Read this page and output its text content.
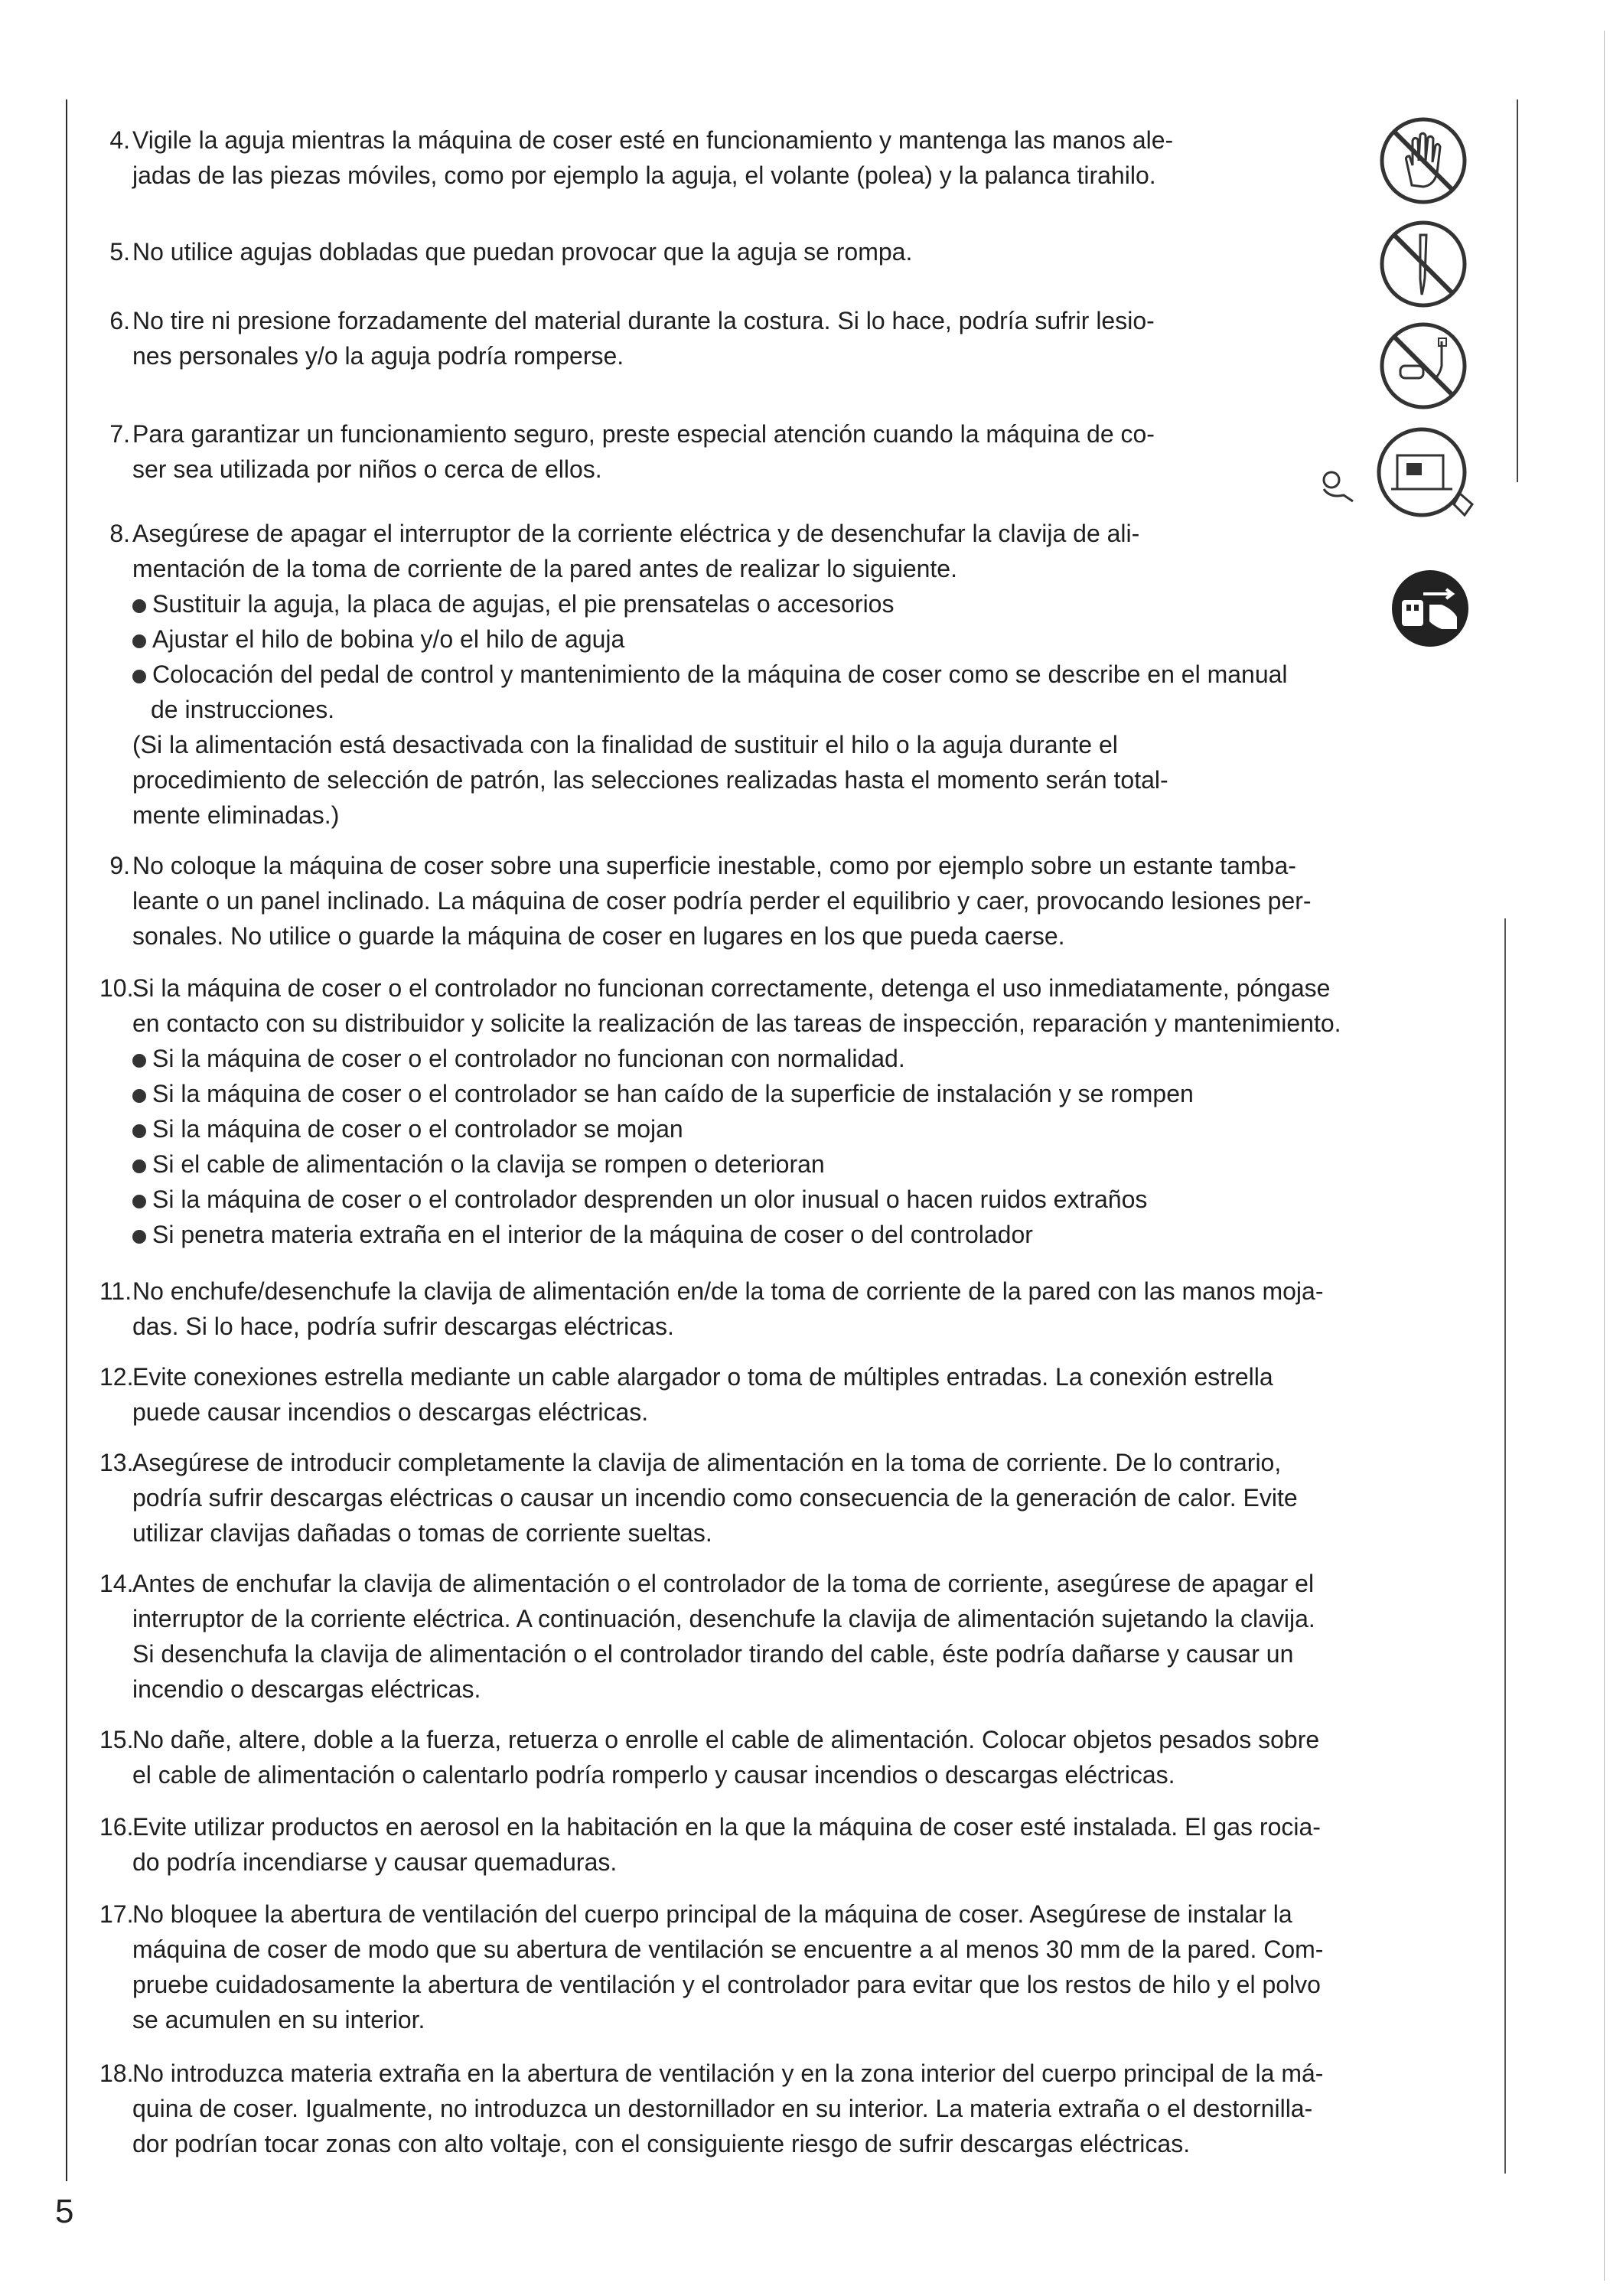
4. Vigile la aguja mientras la máquina de coser esté en funcionamiento y mantenga las manos ale-
jadas de las piezas móviles, como por ejemplo la aguja, el volante (polea) y la palanca tirahilo.
5. No utilice agujas dobladas que puedan provocar que la aguja se rompa.
6. No tire ni presione forzadamente del material durante la costura. Si lo hace, podría sufrir lesio-
nes personales y/o la aguja podría romperse.
7. Para garantizar un funcionamiento seguro, preste especial atención cuando la máquina de co-
ser sea utilizada por niños o cerca de ellos.
8. Asegúrese de apagar el interruptor de la corriente eléctrica y de desenchufar la clavija de ali-
mentación de la toma de corriente de la pared antes de realizar lo siguiente.
Sustituir la aguja, la placa de agujas, el pie prensatelas o accesorios
Ajustar el hilo de bobina y/o el hilo de aguja
Colocación del pedal de control y mantenimiento de la máquina de coser como se describe en el manual de instrucciones.
(Si la alimentación está desactivada con la finalidad de sustituir el hilo o la aguja durante el
procedimiento de selección de patrón, las selecciones realizadas hasta el momento serán total-
mente eliminadas.)
9. No coloque la máquina de coser sobre una superficie inestable, como por ejemplo sobre un estante tamba-
leante o un panel inclinado. La máquina de coser podría perder el equilibrio y caer, provocando lesiones per-
sonales. No utilice o guarde la máquina de coser en lugares en los que pueda caerse.
10.
Si la máquina de coser o el controlador no funcionan correctamente, detenga el uso inmediatamente, póngase
en contacto con su distribuidor y solicite la realización de las tareas de inspección, reparación y mantenimiento.
Si la máquina de coser o el controlador no funcionan con normalidad.
Si la máquina de coser o el controlador se han caído de la superficie de instalación y se rompen
Si la máquina de coser o el controlador se mojan
Si el cable de alimentación o la clavija se rompen o deterioran
Si la máquina de coser o el controlador desprenden un olor inusual o hacen ruidos extraños
Si penetra materia extraña en el interior de la máquina de coser o del controlador
11. No enchufe/desenchufe la clavija de alimentación en/de la toma de corriente de la pared con las manos moja-
das. Si lo hace, podría sufrir descargas eléctricas.
12.
Evite conexiones estrella mediante un cable alargador o toma de múltiples entradas. La conexión estrella
puede causar incendios o descargas eléctricas.
13.
Asegúrese de introducir completamente la clavija de alimentación en la toma de corriente. De lo contrario,
podría sufrir descargas eléctricas o causar un incendio como consecuencia de la generación de calor. Evite
utilizar clavijas dañadas o tomas de corriente sueltas.
14.
Antes de enchufar la clavija de alimentación o el controlador de la toma de corriente, asegúrese de apagar el
interruptor de la corriente eléctrica. A continuación, desenchufe la clavija de alimentación sujetando la clavija.
Si desenchufa la clavija de alimentación o el controlador tirando del cable, éste podría dañarse y causar un
incendio o descargas eléctricas.
15.
No dañe, altere, doble a la fuerza, retuerza o enrolle el cable de alimentación. Colocar objetos pesados sobre
el cable de alimentación o calentarlo podría romperlo y causar incendios o descargas eléctricas.
16.
Evite utilizar productos en aerosol en la habitación en la que la máquina de coser esté instalada. El gas rocia-
do podría incendiarse y causar quemaduras.
17.
No bloquee la abertura de ventilación del cuerpo principal de la máquina de coser. Asegúrese de instalar la
máquina de coser de modo que su abertura de ventilación se encuentre a al menos 30 mm de la pared. Com-
pruebe cuidadosamente la abertura de ventilación y el controlador para evitar que los restos de hilo y el polvo
se acumulen en su interior.
18.
No introduzca materia extraña en la abertura de ventilación y en la zona interior del cuerpo principal de la má-
quina de coser. Igualmente, no introduzca un destornillador en su interior. La materia extraña o el destornilla-
dor podrían tocar zonas con alto voltaje, con el consiguiente riesgo de sufrir descargas eléctricas.
5
